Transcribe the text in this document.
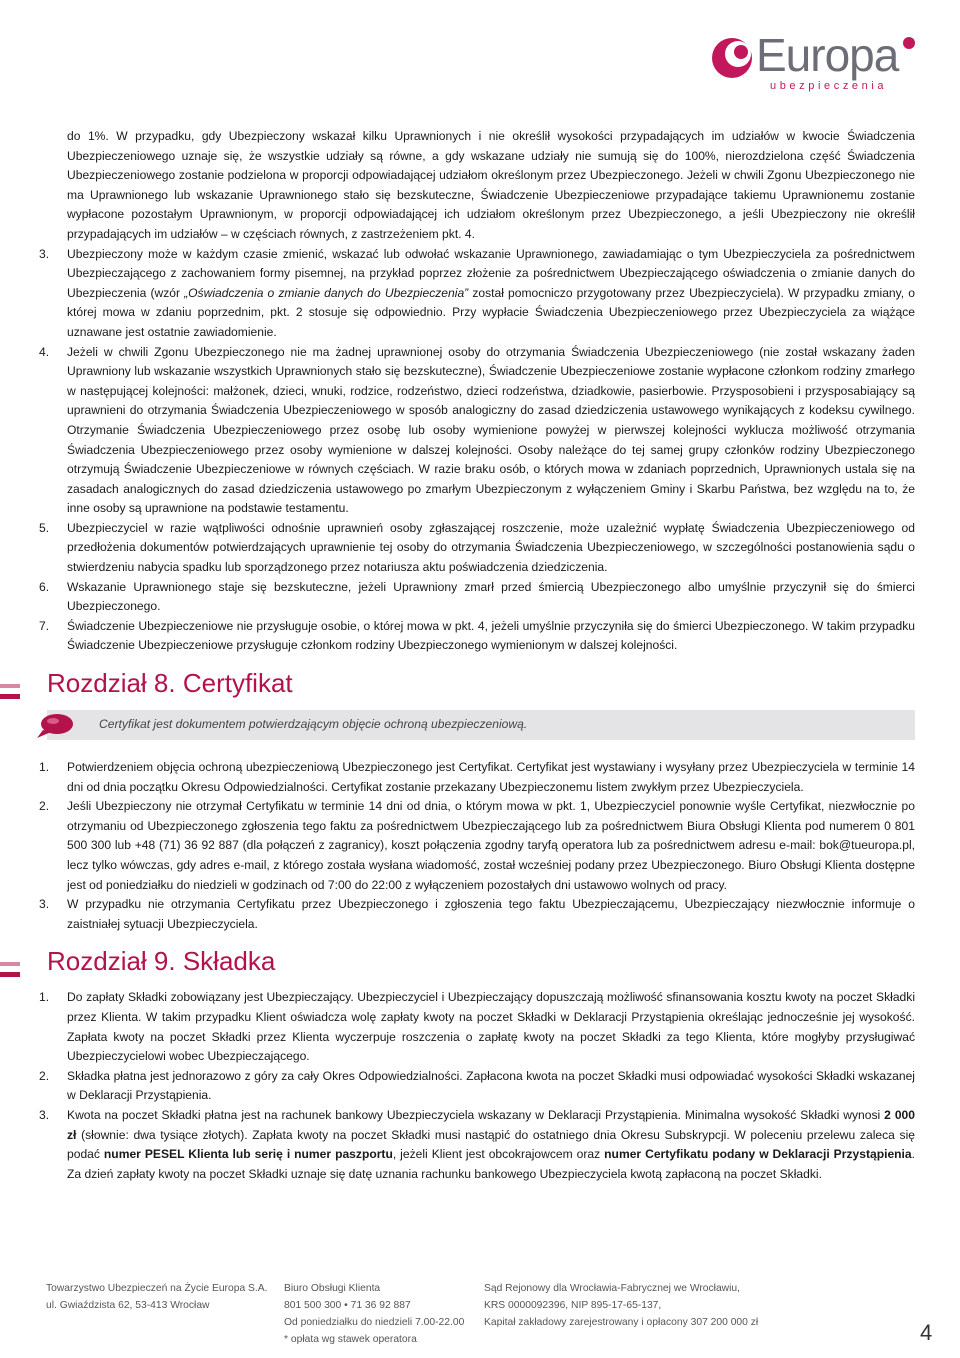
Europa
ubezpieczenia

do 1%. W przypadku, gdy Ubezpieczony wskazał kilku Uprawnionych i nie określił wysokości przypadających im udziałów w kwocie Świadczenia Ubezpieczeniowego uznaje się, że wszystkie udziały są równe, a gdy wskazane udziały nie sumują się do 100%, nierozdzielona część Świadczenia Ubezpieczeniowego zostanie podzielona w proporcji odpowiadającej udziałom określonym przez Ubezpieczonego. Jeżeli w chwili Zgonu Ubezpieczonego nie ma Uprawnionego lub wskazanie Uprawnionego stało się bezskuteczne, Świadczenie Ubezpieczeniowe przypadające takiemu Uprawnionemu zostanie wypłacone pozostałym Uprawnionym, w proporcji odpowiadającej ich udziałom określonym przez Ubezpieczonego, a jeśli Ubezpieczony nie określił przypadających im udziałów – w częściach równych, z zastrzeżeniem pkt. 4.

3. Ubezpieczony może w każdym czasie zmienić, wskazać lub odwołać wskazanie Uprawnionego, zawiadamiając o tym Ubezpieczyciela za pośrednictwem Ubezpieczającego z zachowaniem formy pisemnej, na przykład poprzez złożenie za pośrednictwem Ubezpieczającego oświadczenia o zmianie danych do Ubezpieczenia (wzór „Oświadczenia o zmianie danych do Ubezpieczenia” został pomocniczo przygotowany przez Ubezpieczyciela). W przypadku zmiany, o której mowa w zdaniu poprzednim, pkt. 2 stosuje się odpowiednio. Przy wypłacie Świadczenia Ubezpieczeniowego przez Ubezpieczyciela za wiążące uznawane jest ostatnie zawiadomienie.
4. Jeżeli w chwili Zgonu Ubezpieczonego nie ma żadnej uprawnionej osoby do otrzymania Świadczenia Ubezpieczeniowego (nie został wskazany żaden Uprawniony lub wskazanie wszystkich Uprawnionych stało się bezskuteczne), Świadczenie Ubezpieczeniowe zostanie wypłacone członkom rodziny zmarłego w następującej kolejności: małżonek, dzieci, wnuki, rodzice, rodzeństwo, dzieci rodzeństwa, dziadkowie, pasierbowie. Przysposobieni i przysposabiający są uprawnieni do otrzymania Świadczenia Ubezpieczeniowego w sposób analogiczny do zasad dziedziczenia ustawowego wynikających z kodeksu cywilnego. Otrzymanie Świadczenia Ubezpieczeniowego przez osobę lub osoby wymienione powyżej w pierwszej kolejności wyklucza możliwość otrzymania Świadczenia Ubezpieczeniowego przez osoby wymienione w dalszej kolejności. Osoby należące do tej samej grupy członków rodziny Ubezpieczonego otrzymują Świadczenie Ubezpieczeniowe w równych częściach. W razie braku osób, o których mowa w zdaniach poprzednich, Uprawnionych ustala się na zasadach analogicznych do zasad dziedziczenia ustawowego po zmarłym Ubezpieczonym z wyłączeniem Gminy i Skarbu Państwa, bez względu na to, że inne osoby są uprawnione na podstawie testamentu.
5. Ubezpieczyciel w razie wątpliwości odnośnie uprawnień osoby zgłaszającej roszczenie, może uzależnić wypłatę Świadczenia Ubezpieczeniowego od przedłożenia dokumentów potwierdzających uprawnienie tej osoby do otrzymania Świadczenia Ubezpieczeniowego, w szczególności postanowienia sądu o stwierdzeniu nabycia spadku lub sporządzonego przez notariusza aktu poświadczenia dziedziczenia.
6. Wskazanie Uprawnionego staje się bezskuteczne, jeżeli Uprawniony zmarł przed śmiercią Ubezpieczonego albo umyślnie przyczynił się do śmierci Ubezpieczonego.
7. Świadczenie Ubezpieczeniowe nie przysługuje osobie, o której mowa w pkt. 4, jeżeli umyślnie przyczyniła się do śmierci Ubezpieczonego. W takim przypadku Świadczenie Ubezpieczeniowe przysługuje członkom rodziny Ubezpieczonego wymienionym w dalszej kolejności.
Rozdział 8. Certyfikat
Certyfikat jest dokumentem potwierdzającym objęcie ochroną ubezpieczeniową.
1. Potwierdzeniem objęcia ochroną ubezpieczeniową Ubezpieczonego jest Certyfikat. Certyfikat jest wystawiany i wysyłany przez Ubezpieczyciela w terminie 14 dni od dnia początku Okresu Odpowiedzialności. Certyfikat zostanie przekazany Ubezpieczonemu listem zwykłym przez Ubezpieczyciela.
2. Jeśli Ubezpieczony nie otrzymał Certyfikatu w terminie 14 dni od dnia, o którym mowa w pkt. 1, Ubezpieczyciel ponownie wyśle Certyfikat, niezwłocznie po otrzymaniu od Ubezpieczonego zgłoszenia tego faktu za pośrednictwem Ubezpieczającego lub za pośrednictwem Biura Obsługi Klienta pod numerem 0 801 500 300 lub +48 (71) 36 92 887 (dla połączeń z zagranicy), koszt połączenia zgodny taryfą operatora lub za pośrednictwem adresu e-mail: bok@tueuropa.pl, lecz tylko wówczas, gdy adres e-mail, z którego została wysłana wiadomość, został wcześniej podany przez Ubezpieczonego. Biuro Obsługi Klienta dostępne jest od poniedziałku do niedzieli w godzinach od 7:00 do 22:00 z wyłączeniem pozostałych dni ustawowo wolnych od pracy.
3. W przypadku nie otrzymania Certyfikatu przez Ubezpieczonego i zgłoszenia tego faktu Ubezpieczającemu, Ubezpieczający niezwłocznie informuje o zaistniałej sytuacji Ubezpieczyciela.
Rozdział 9. Składka
1. Do zapłaty Składki zobowiązany jest Ubezpieczający. Ubezpieczyciel i Ubezpieczający dopuszczają możliwość sfinansowania kosztu kwoty na poczet Składki przez Klienta. W takim przypadku Klient oświadcza wolę zapłaty kwoty na poczet Składki w Deklaracji Przystąpienia określając jednocześnie jej wysokość. Zapłata kwoty na poczet Składki przez Klienta wyczerpuje roszczenia o zapłatę kwoty na poczet Składki za tego Klienta, które mogłyby przysługiwać Ubezpieczycielowi wobec Ubezpieczającego.
2. Składka płatna jest jednorazowo z góry za cały Okres Odpowiedzialności. Zapłacona kwota na poczet Składki musi odpowiadać wysokości Składki wskazanej w Deklaracji Przystąpienia.
3. Kwota na poczet Składki płatna jest na rachunek bankowy Ubezpieczyciela wskazany w Deklaracji Przystąpienia. Minimalna wysokość Składki wynosi 2 000 zł (słownie: dwa tysiące złotych). Zapłata kwoty na poczet Składki musi nastąpić do ostatniego dnia Okresu Subskrypcji. W poleceniu przelewu zaleca się podać numer PESEL Klienta lub serię i numer paszportu, jeżeli Klient jest obcokrajowcem oraz numer Certyfikatu podany w Deklaracji Przystąpienia. Za dzień zapłaty kwoty na poczet Składki uznaje się datę uznania rachunku bankowego Ubezpieczyciela kwotą zapłaconą na poczet Składki.
Towarzystwo Ubezpieczeń na Życie Europa S.A.
ul. Gwiaździsta 62, 53-413 Wrocław
Biuro Obsługi Klienta
801 500 300 • 71 36 92 887
Od poniedziałku do niedzieli 7.00-22.00
* opłata wg stawek operatora
Sąd Rejonowy dla Wrocławia-Fabrycznej we Wrocławiu,
KRS 0000092396, NIP 895-17-65-137,
Kapitał zakładowy zarejestrowany i opłacony 307 200 000 zł	4
